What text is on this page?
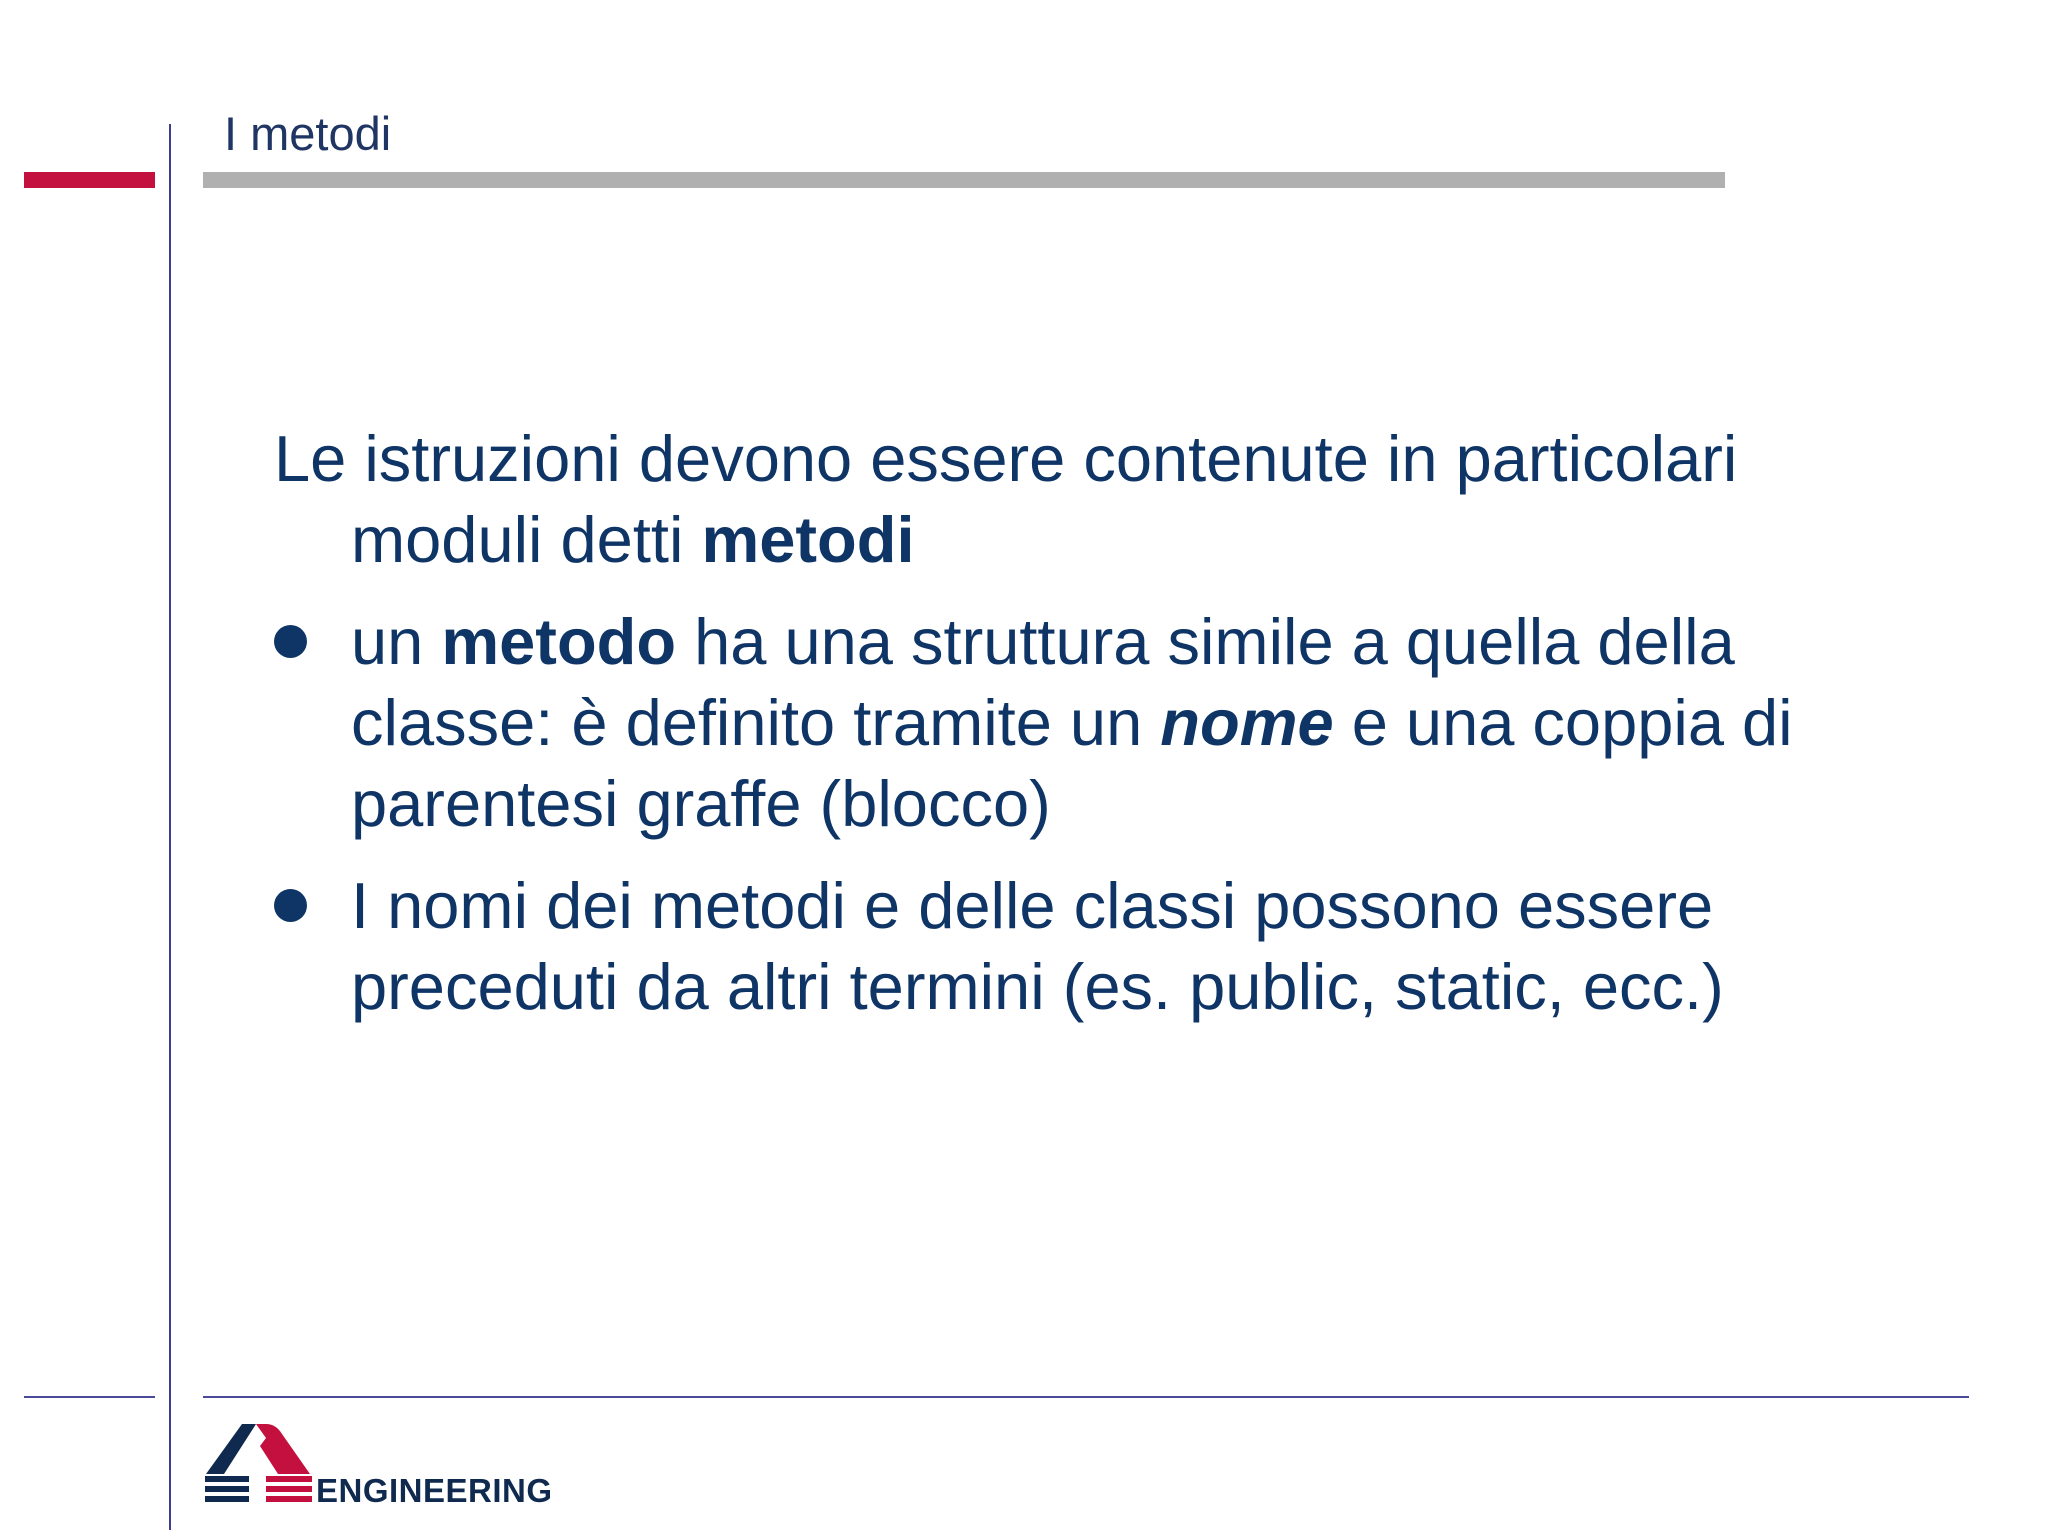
I metodi

Le istruzioni devono essere contenute in particolari moduli detti metodi

un metodo ha una struttura simile a quella della classe: è definito tramite un nome e una coppia di parentesi graffe (blocco)
I nomi dei metodi e delle classi possono essere preceduti da altri termini (es. public, static, ecc.)
ENGINEERING
